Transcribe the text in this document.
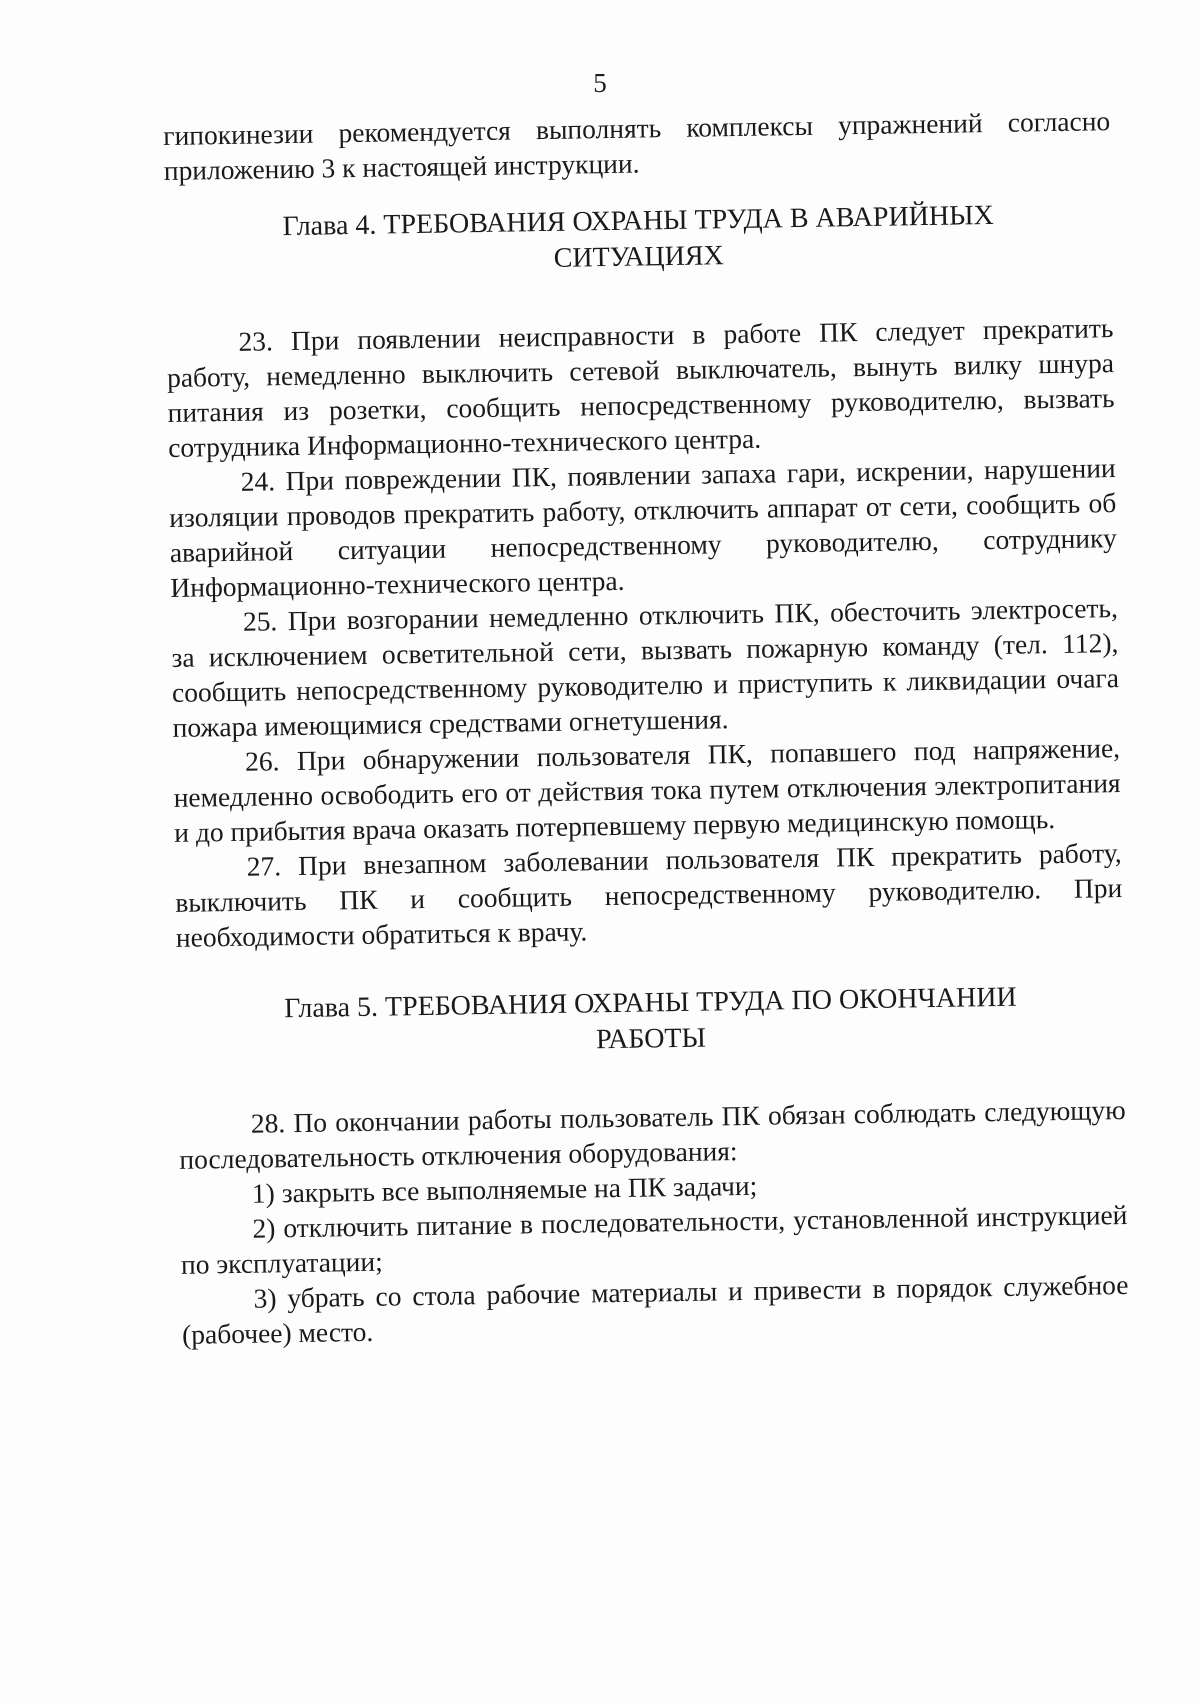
5

гипокинезии рекомендуется выполнять комплексы упражнений согласно приложению 3 к настоящей инструкции.

Глава 4. ТРЕБОВАНИЯ ОХРАНЫ ТРУДА В АВАРИЙНЫХ
СИТУАЦИЯХ

23. При появлении неисправности в работе ПК следует прекратить работу, немедленно выключить сетевой выключатель, вынуть вилку шнура питания из розетки, сообщить непосредственному руководителю, вызвать сотрудника Информационно-технического центра.

24. При повреждении ПК, появлении запаха гари, искрении, нарушении изоляции проводов прекратить работу, отключить аппарат от сети, сообщить об аварийной ситуации непосредственному руководителю, сотруднику Информационно-технического центра.

25. При возгорании немедленно отключить ПК, обесточить электросеть, за исключением осветительной сети, вызвать пожарную команду (тел. 112), сообщить непосредственному руководителю и приступить к ликвидации очага пожара имеющимися средствами огнетушения.

26. При обнаружении пользователя ПК, попавшего под напряжение, немедленно освободить его от действия тока путем отключения электропитания и до прибытия врача оказать потерпевшему первую медицинскую помощь.

27. При внезапном заболевании пользователя ПК прекратить работу, выключить ПК и сообщить непосредственному руководителю. При необходимости обратиться к врачу.

Глава 5. ТРЕБОВАНИЯ ОХРАНЫ ТРУДА ПО ОКОНЧАНИИ
РАБОТЫ

28. По окончании работы пользователь ПК обязан соблюдать следующую последовательность отключения оборудования:

1) закрыть все выполняемые на ПК задачи;

2) отключить питание в последовательности, установленной инструкцией по эксплуатации;

3) убрать со стола рабочие материалы и привести в порядок служебное (рабочее) место.
